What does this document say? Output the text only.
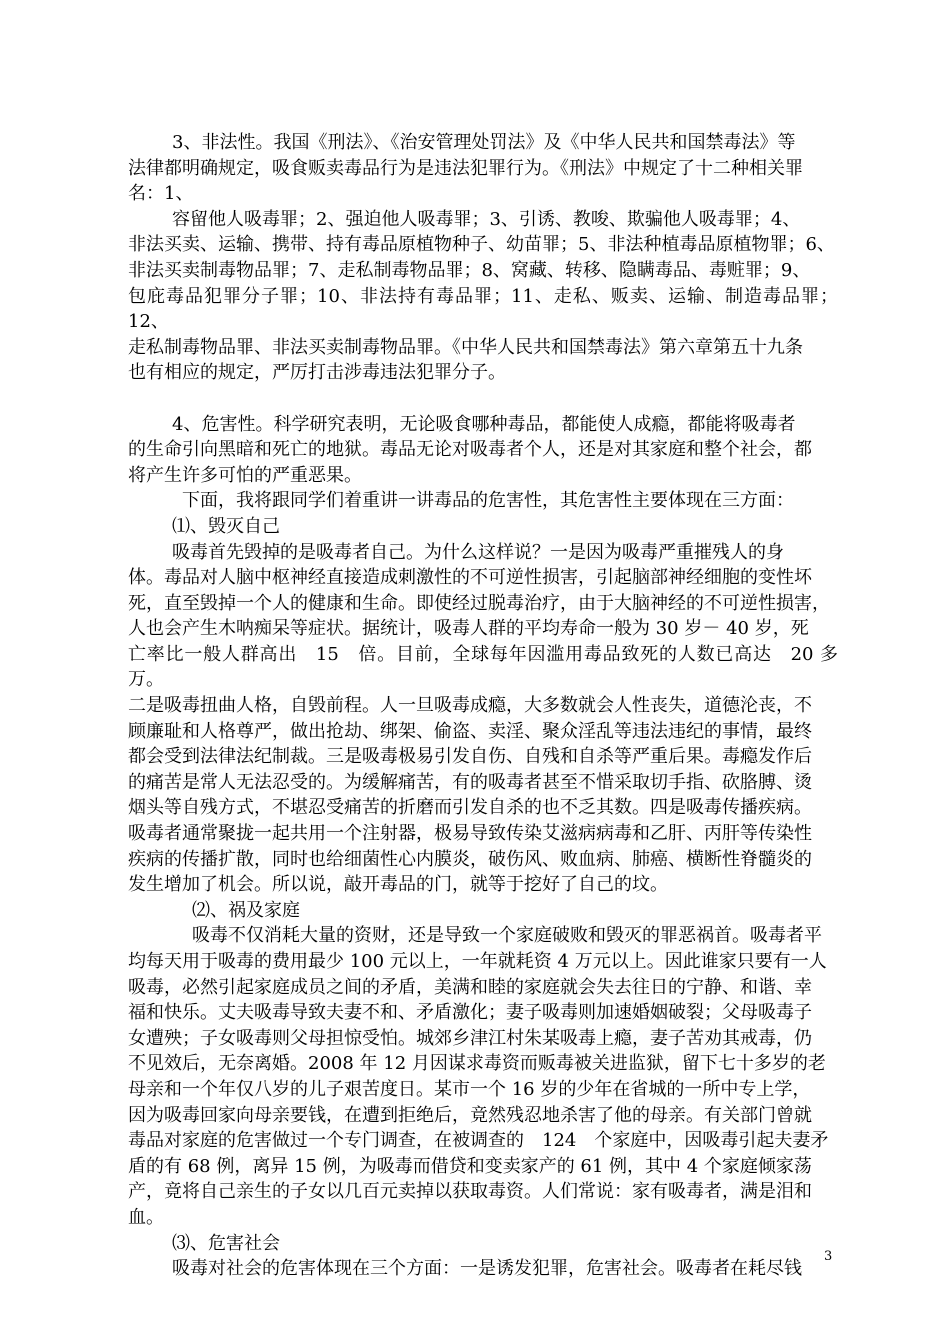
3、非法性。我国《刑法》、《治安管理处罚法》及《中华人民共和国禁毒法》等
法律都明确规定，吸食贩卖毒品行为是违法犯罪行为。《刑法》中规定了十二种相关罪
名：1、
容留他人吸毒罪；2、强迫他人吸毒罪；3、引诱、教唆、欺骗他人吸毒罪；4、
非法买卖、运输、携带、持有毒品原植物种子、幼苗罪；5、非法种植毒品原植物罪；6、
非法买卖制毒物品罪；7、走私制毒物品罪；8、窝藏、转移、隐瞒毒品、毒赃罪；9、
包庇毒品犯罪分子罪；10、非法持有毒品罪；11、走私、贩卖、运输、制造毒品罪；12、
走私制毒物品罪、非法买卖制毒物品罪。《中华人民共和国禁毒法》第六章第五十九条
也有相应的规定，严厉打击涉毒违法犯罪分子。
4、危害性。科学研究表明，无论吸食哪种毒品，都能使人成瘾，都能将吸毒者
的生命引向黑暗和死亡的地狱。毒品无论对吸毒者个人，还是对其家庭和整个社会，都
将产生许多可怕的严重恶果。
下面，我将跟同学们着重讲一讲毒品的危害性，其危害性主要体现在三方面：
⑴、毁灭自己
吸毒首先毁掉的是吸毒者自己。为什么这样说？一是因为吸毒严重摧残人的身
体。毒品对人脑中枢神经直接造成刺激性的不可逆性损害，引起脑部神经细胞的变性坏
死，直至毁掉一个人的健康和生命。即使经过脱毒治疗，由于大脑神经的不可逆性损害，
人也会产生木呐痴呆等症状。据统计，吸毒人群的平均寿命一般为 30 岁－ 40 岁，死
亡率比一般人群高出　15　倍。目前，全球每年因滥用毒品致死的人数已高达　20 多万。
二是吸毒扭曲人格，自毁前程。人一旦吸毒成瘾，大多数就会人性丧失，道德沦丧，不
顾廉耻和人格尊严，做出抢劫、绑架、偷盗、卖淫、聚众淫乱等违法违纪的事情，最终
都会受到法律法纪制裁。三是吸毒极易引发自伤、自残和自杀等严重后果。毒瘾发作后
的痛苦是常人无法忍受的。为缓解痛苦，有的吸毒者甚至不惜采取切手指、砍胳膊、烫
烟头等自残方式，不堪忍受痛苦的折磨而引发自杀的也不乏其数。四是吸毒传播疾病。
吸毒者通常聚拢一起共用一个注射器，极易导致传染艾滋病病毒和乙肝、丙肝等传染性
疾病的传播扩散，同时也给细菌性心内膜炎，破伤风、败血病、肺癌、横断性脊髓炎的
发生增加了机会。所以说，敲开毒品的门，就等于挖好了自己的坟。
⑵、祸及家庭
吸毒不仅消耗大量的资财，还是导致一个家庭破败和毁灭的罪恶祸首。吸毒者平
均每天用于吸毒的费用最少 100 元以上，一年就耗资 4 万元以上。因此谁家只要有一人
吸毒，必然引起家庭成员之间的矛盾，美满和睦的家庭就会失去往日的宁静、和谐、幸
福和快乐。丈夫吸毒导致夫妻不和、矛盾激化；妻子吸毒则加速婚姻破裂；父母吸毒子
女遭殃；子女吸毒则父母担惊受怕。城郊乡津江村朱某吸毒上瘾，妻子苦劝其戒毒，仍
不见效后，无奈离婚。2008 年 12 月因谋求毒资而贩毒被关进监狱，留下七十多岁的老
母亲和一个年仅八岁的儿子艰苦度日。某市一个 16 岁的少年在省城的一所中专上学，
因为吸毒回家向母亲要钱，在遭到拒绝后，竟然残忍地杀害了他的母亲。有关部门曾就
毒品对家庭的危害做过一个专门调查，在被调查的　124　个家庭中，因吸毒引起夫妻矛
盾的有 68 例，离异 15 例，为吸毒而借贷和变卖家产的 61 例，其中 4 个家庭倾家荡
产，竟将自己亲生的子女以几百元卖掉以获取毒资。人们常说：家有吸毒者，满是泪和
血。
⑶、危害社会
吸毒对社会的危害体现在三个方面：一是诱发犯罪，危害社会。吸毒者在耗尽钱
3
